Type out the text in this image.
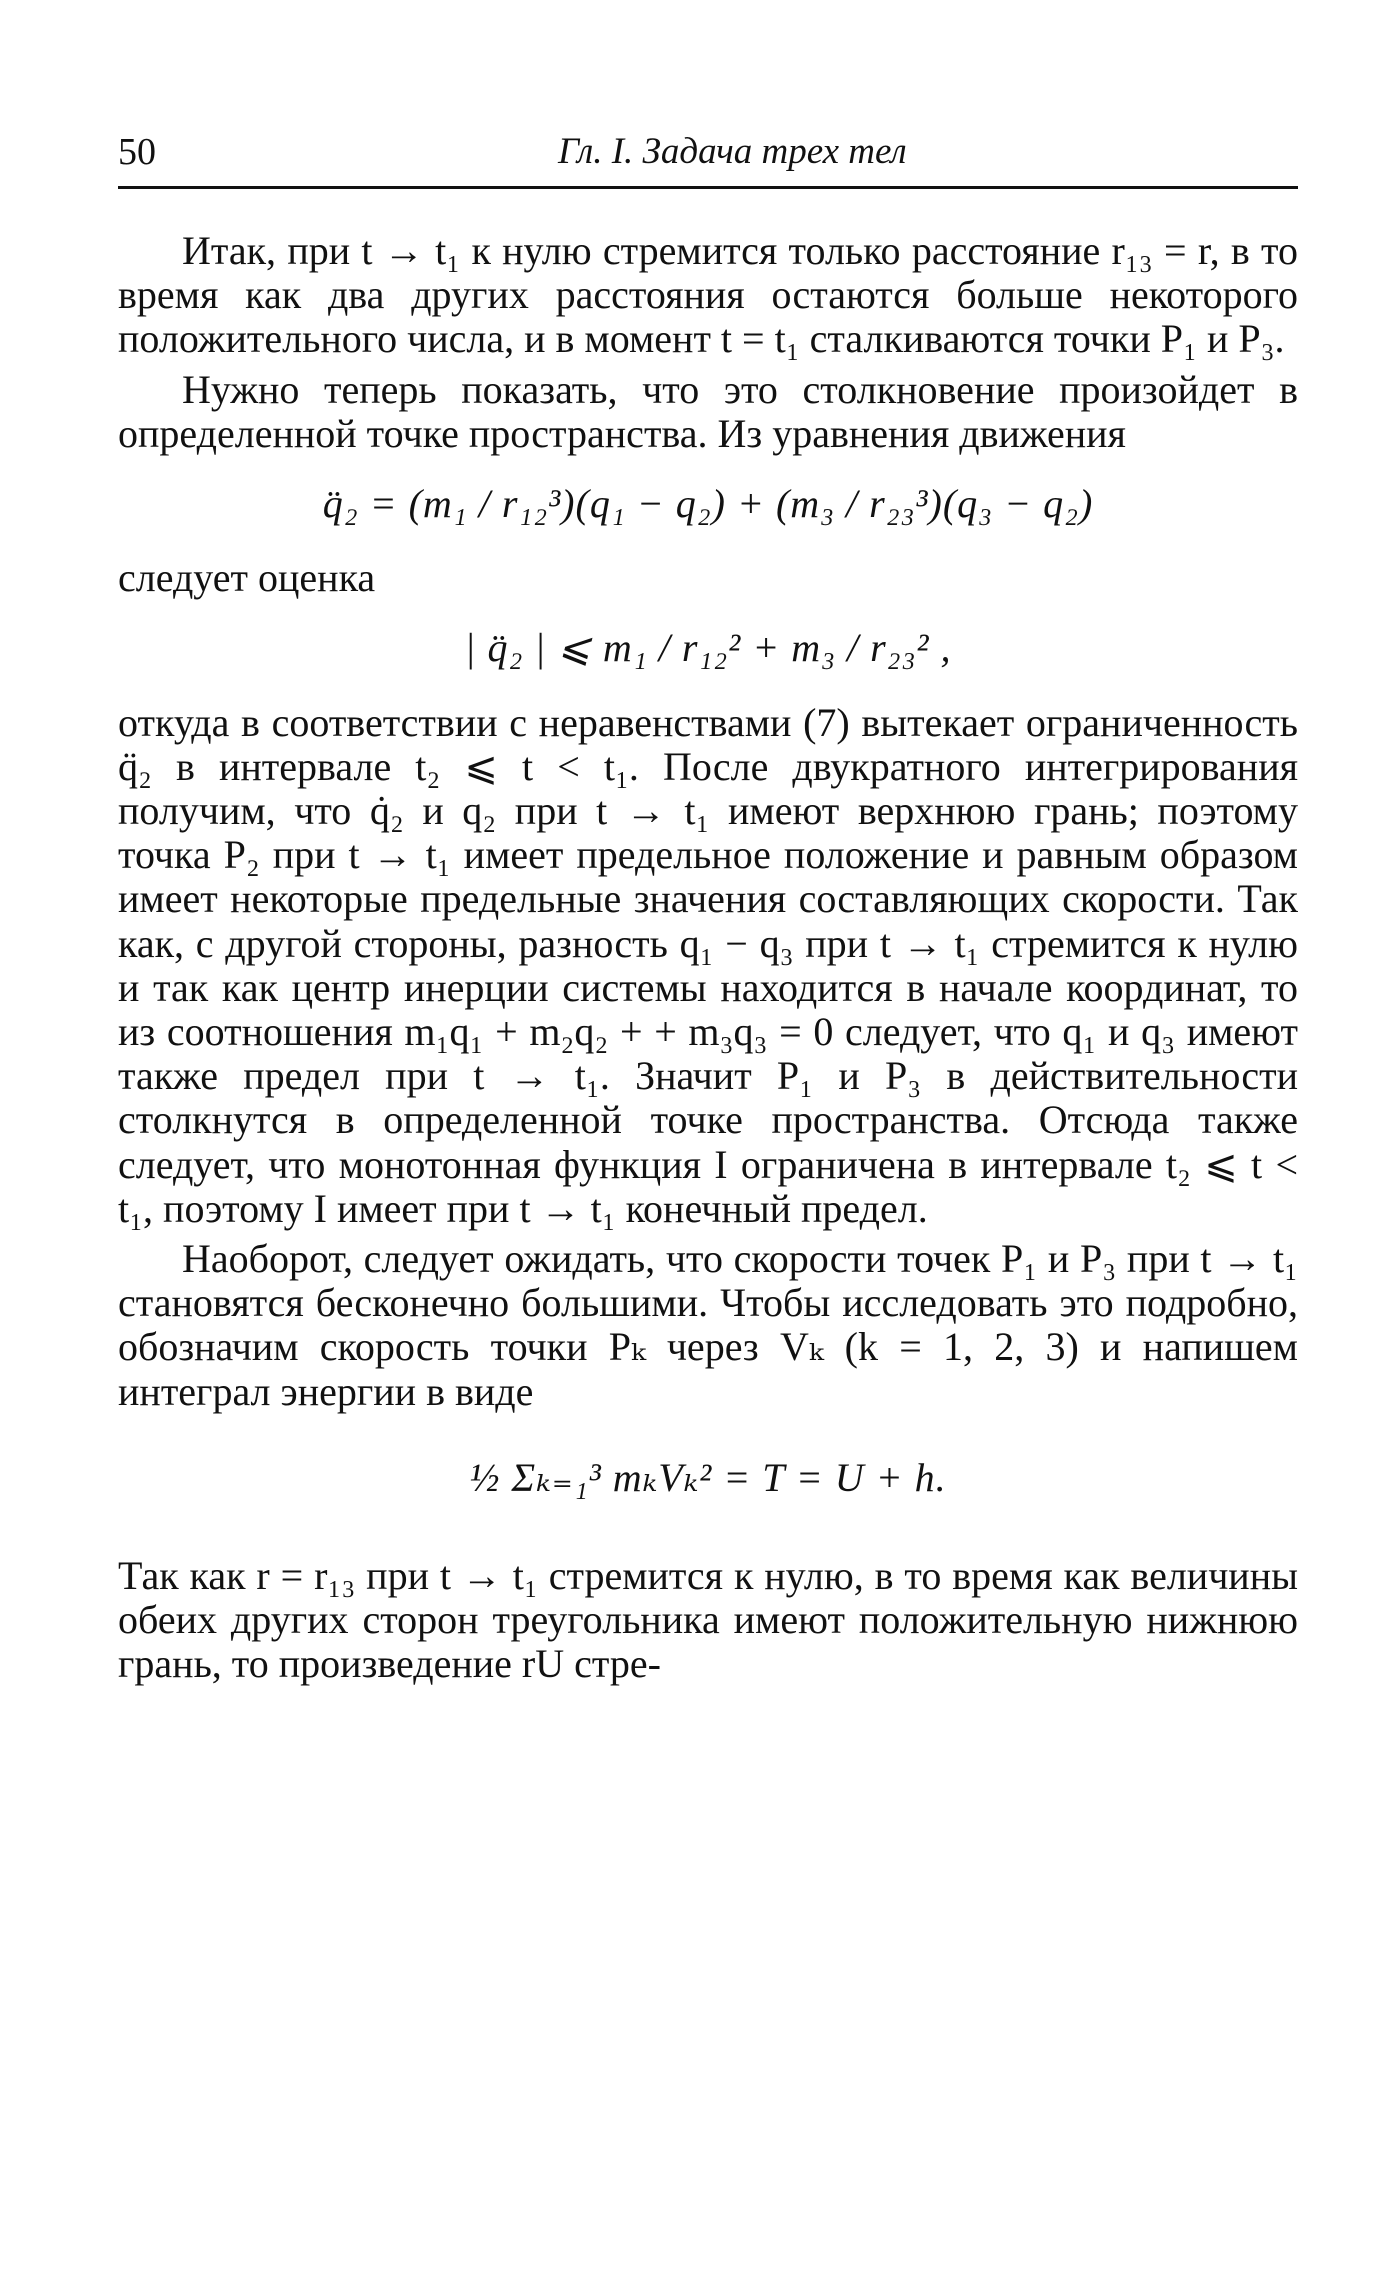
50	Гл. I. Задача трех тел

Итак, при t → t₁ к нулю стремится только расстояние r₁₃ = r, в то время как два других расстояния остаются больше некоторого положительного числа, и в момент t = t₁ сталкиваются точки P₁ и P₃.

Нужно теперь показать, что это столкновение произойдет в определенной точке пространства. Из уравнения движения

q̈₂ = (m₁ / r₁₂³)(q₁ − q₂) + (m₃ / r₂₃³)(q₃ − q₂)

следует оценка

| q̈₂ | ⩽ m₁ / r₁₂² + m₃ / r₂₃² ,

откуда в соответствии с неравенствами (7) вытекает ограниченность q̈₂ в интервале t₂ ⩽ t < t₁. После двукратного интегрирования получим, что q̇₂ и q₂ при t → t₁ имеют верхнюю грань; поэтому точка P₂ при t → t₁ имеет предельное положение и равным образом имеет некоторые предельные значения составляющих скорости. Так как, с другой стороны, разность q₁ − q₃ при t → t₁ стремится к нулю и так как центр инерции системы находится в начале координат, то из соотношения m₁q₁ + m₂q₂ + + m₃q₃ = 0 следует, что q₁ и q₃ имеют также предел при t → t₁. Значит P₁ и P₃ в действительности столкнутся в определенной точке пространства. Отсюда также следует, что монотонная функция I ограничена в интервале t₂ ⩽ t < t₁, поэтому I имеет при t → t₁ конечный предел.

Наоборот, следует ожидать, что скорости точек P₁ и P₃ при t → t₁ становятся бесконечно большими. Чтобы исследовать это подробно, обозначим скорость точки Pₖ через Vₖ (k = 1, 2, 3) и напишем интеграл энергии в виде

½ Σₖ₌₁³ mₖVₖ² = T = U + h.

Так как r = r₁₃ при t → t₁ стремится к нулю, в то время как величины обеих других сторон треугольника имеют положительную нижнюю грань, то произведение rU стре-
